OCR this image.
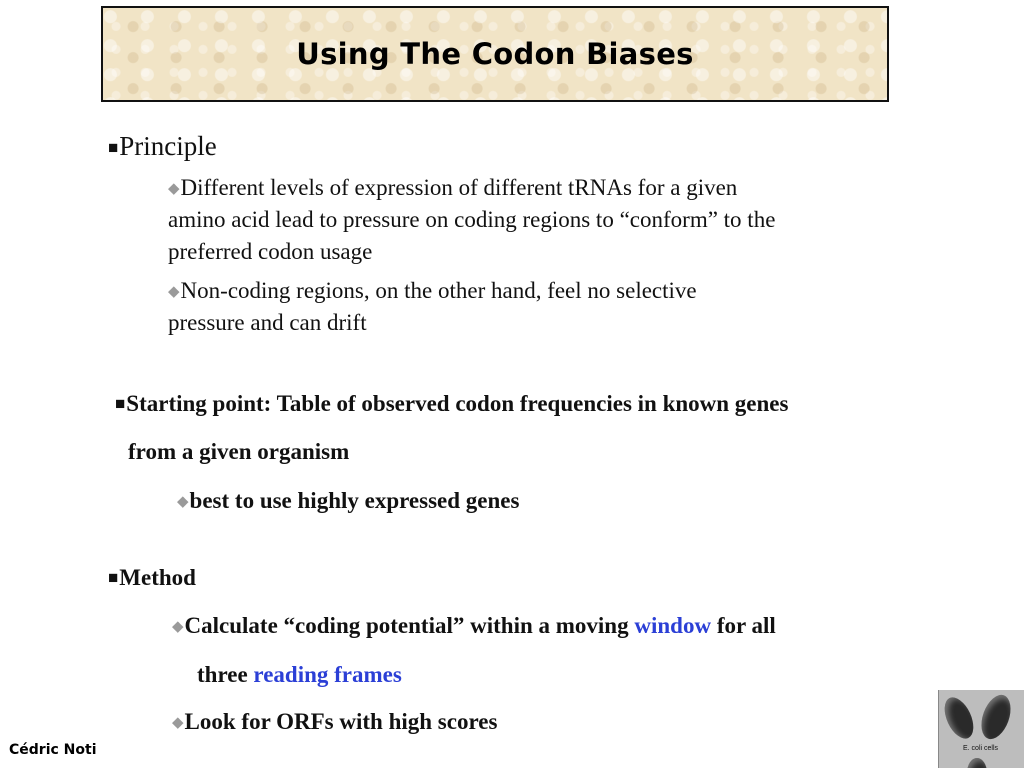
Using The Codon Biases
■Principle
◆Different levels of expression of different tRNAs for a given
amino acid lead to pressure on coding regions to “conform” to the
preferred codon usage
◆Non-coding regions, on the other hand, feel no selective
pressure and can drift
■Starting point: Table of observed codon frequencies in known genes
from a given organism
◆best to use highly expressed genes
■Method
◆Calculate “coding potential” within a moving window for all
three reading frames
◆Look for ORFs with high scores
Cédric Noti	E. coli cells
